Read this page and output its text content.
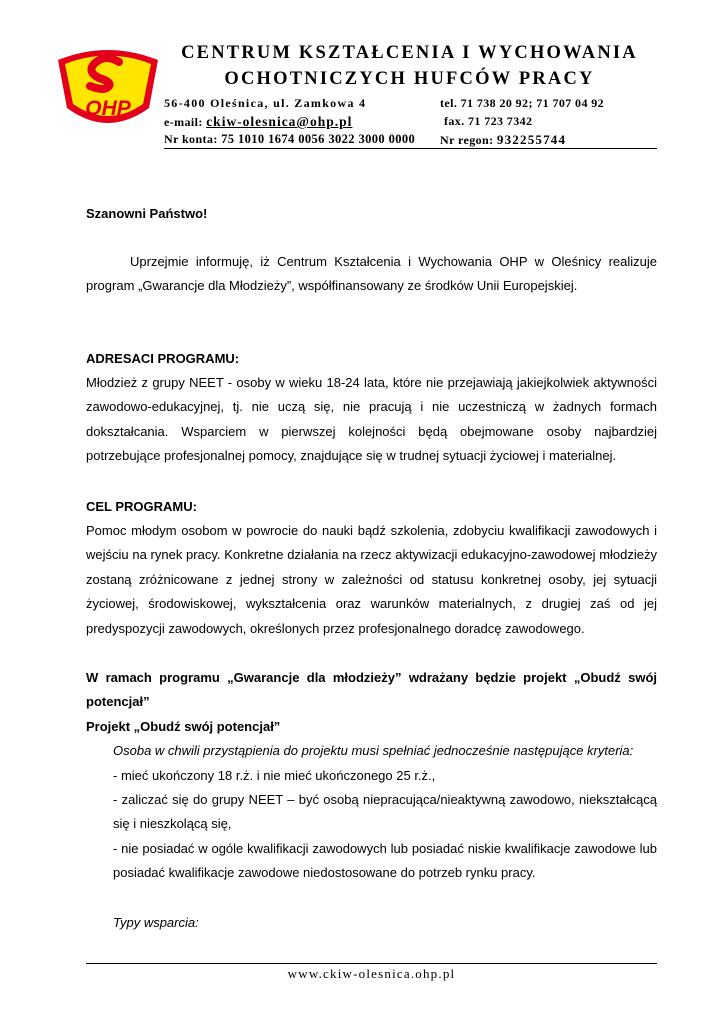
OHP
CENTRUM KSZTAŁCENIA I WYCHOWANIA
OCHOTNICZYCH HUFCÓW PRACY
56-400 Oleśnica, ul. Zamkowa 4	tel. 71 738 20 92; 71 707 04 92
e-mail: ckiw-olesnica@ohp.pl	fax. 71 723 7342
Nr konta: 75 1010 1674 0056 3022 3000 0000 Nr regon: 932255744

Szanowni Państwo!

Uprzejmie informuję, iż Centrum Kształcenia i Wychowania OHP w Oleśnicy realizuje program „Gwarancje dla Młodzieży”, współfinansowany ze środków Unii Europejskiej.

ADRESACI PROGRAMU:

Młodzież z grupy NEET - osoby w wieku 18-24 lata, które nie przejawiają jakiejkolwiek aktywności zawodowo-edukacyjnej, tj. nie uczą się, nie pracują i nie uczestniczą w żadnych formach dokształcania. Wsparciem w pierwszej kolejności będą obejmowane osoby najbardziej potrzebujące profesjonalnej pomocy, znajdujące się w trudnej sytuacji życiowej i materialnej.

CEL PROGRAMU:

Pomoc młodym osobom w powrocie do nauki bądź szkolenia, zdobyciu kwalifikacji zawodowych i wejściu na rynek pracy. Konkretne działania na rzecz aktywizacji edukacyjno-zawodowej młodzieży zostaną zróżnicowane z jednej strony w zależności od statusu konkretnej osoby, jej sytuacji życiowej, środowiskowej, wykształcenia oraz warunków materialnych, z drugiej zaś od jej predyspozycji zawodowych, określonych przez profesjonalnego doradcę zawodowego.

W ramach programu „Gwarancje dla młodzieży” wdrażany będzie projekt „Obudź swój potencjał”

Projekt „Obudź swój potencjał”

Osoba w chwili przystąpienia do projektu musi spełniać jednocześnie następujące kryteria:

- mieć ukończony 18 r.ż. i nie mieć ukończonego 25 r.ż.,

- zaliczać się do grupy NEET – być osobą niepracująca/nieaktywną zawodowo, niekształcącą się i nieszkolącą się,

- nie posiadać w ogóle kwalifikacji zawodowych lub posiadać niskie kwalifikacje zawodowe lub posiadać kwalifikacje zawodowe niedostosowane do potrzeb rynku pracy.

Typy wsparcia:

www.ckiw-olesnica.ohp.pl
